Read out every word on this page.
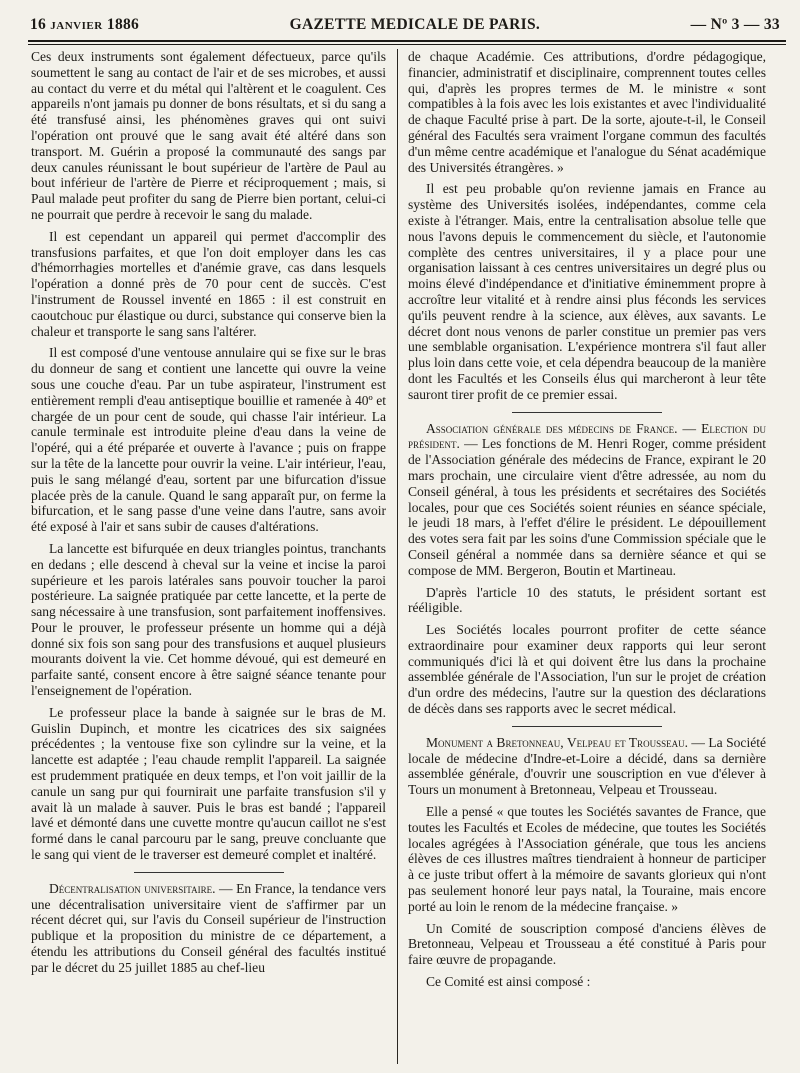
16 JANVIER 1886	GAZETTE MEDICALE DE PARIS.	— Nº 3 — 33

Ces deux instruments sont également défectueux, parce qu'ils soumettent le sang au contact de l'air et de ses microbes, et aussi au contact du verre et du métal qui l'altèrent et le coagulent. Ces appareils n'ont jamais pu donner de bons résultats, et si du sang a été transfusé ainsi, les phénomènes graves qui ont suivi l'opération ont prouvé que le sang avait été altéré dans son transport. M. Guérin a proposé la communauté des sangs par deux canules réunissant le bout supérieur de l'artère de Paul au bout inférieur de l'artère de Pierre et réciproquement ; mais, si Paul malade peut profiter du sang de Pierre bien portant, celui-ci ne pourrait que perdre à recevoir le sang du malade.

Il est cependant un appareil qui permet d'accomplir des transfusions parfaites, et que l'on doit employer dans les cas d'hémorrhagies mortelles et d'anémie grave, cas dans lesquels l'opération a donné près de 70 pour cent de succès. C'est l'instrument de Roussel inventé en 1865 : il est construit en caoutchouc pur élastique ou durci, substance qui conserve bien la chaleur et transporte le sang sans l'altérer.

Il est composé d'une ventouse annulaire qui se fixe sur le bras du donneur de sang et contient une lancette qui ouvre la veine sous une couche d'eau. Par un tube aspirateur, l'instrument est entièrement rempli d'eau antiseptique bouillie et ramenée à 40º et chargée de un pour cent de soude, qui chasse l'air intérieur. La canule terminale est introduite pleine d'eau dans la veine de l'opéré, qui a été préparée et ouverte à l'avance ; puis on frappe sur la tête de la lancette pour ouvrir la veine. L'air intérieur, l'eau, puis le sang mélangé d'eau, sortent par une bifurcation d'issue placée près de la canule. Quand le sang apparaît pur, on ferme la bifurcation, et le sang passe d'une veine dans l'autre, sans avoir été exposé à l'air et sans subir de causes d'altérations.

La lancette est bifurquée en deux triangles pointus, tranchants en dedans ; elle descend à cheval sur la veine et incise la paroi supérieure et les parois latérales sans pouvoir toucher la paroi postérieure. La saignée pratiquée par cette lancette, et la perte de sang nécessaire à une transfusion, sont parfaitement inoffensives. Pour le prouver, le professeur présente un homme qui a déjà donné six fois son sang pour des transfusions et auquel plusieurs mourants doivent la vie. Cet homme dévoué, qui est demeuré en parfaite santé, consent encore à être saigné séance tenante pour l'enseignement de l'opération.

Le professeur place la bande à saignée sur le bras de M. Guislin Dupinch, et montre les cicatrices des six saignées précédentes ; la ventouse fixe son cylindre sur la veine, et la lancette est adaptée ; l'eau chaude remplit l'appareil. La saignée est prudemment pratiquée en deux temps, et l'on voit jaillir de la canule un sang pur qui fournirait une parfaite transfusion s'il y avait là un malade à sauver. Puis le bras est bandé ; l'appareil lavé et démonté dans une cuvette montre qu'aucun caillot ne s'est formé dans le canal parcouru par le sang, preuve concluante que le sang qui vient de le traverser est demeuré complet et inaltéré.

Décentralisation universitaire. — En France, la tendance vers une décentralisation universitaire vient de s'affirmer par un récent décret qui, sur l'avis du Conseil supérieur de l'instruction publique et la proposition du ministre de ce département, a étendu les attributions du Conseil général des facultés institué par le décret du 25 juillet 1885 au chef-lieu

de chaque Académie. Ces attributions, d'ordre pédagogique, financier, administratif et disciplinaire, comprennent toutes celles qui, d'après les propres termes de M. le ministre « sont compatibles à la fois avec les lois existantes et avec l'individualité de chaque Faculté prise à part. De la sorte, ajoute-t-il, le Conseil général des Facultés sera vraiment l'organe commun des facultés d'un même centre académique et l'analogue du Sénat académique des Universités étrangères. »

Il est peu probable qu'on revienne jamais en France au système des Universités isolées, indépendantes, comme cela existe à l'étranger. Mais, entre la centralisation absolue telle que nous l'avons depuis le commencement du siècle, et l'autonomie complète des centres universitaires, il y a place pour une organisation laissant à ces centres universitaires un degré plus ou moins élevé d'indépendance et d'initiative éminemment propre à accroître leur vitalité et à rendre ainsi plus féconds les services qu'ils peuvent rendre à la science, aux élèves, aux savants. Le décret dont nous venons de parler constitue un premier pas vers une semblable organisation. L'expérience montrera s'il faut aller plus loin dans cette voie, et cela dépendra beaucoup de la manière dont les Facultés et les Conseils élus qui marcheront à leur tête sauront tirer profit de ce premier essai.

Association générale des médecins de France. — Election du président. — Les fonctions de M. Henri Roger, comme président de l'Association générale des médecins de France, expirant le 20 mars prochain, une circulaire vient d'être adressée, au nom du Conseil général, à tous les présidents et secrétaires des Sociétés locales, pour que ces Sociétés soient réunies en séance spéciale, le jeudi 18 mars, à l'effet d'élire le président. Le dépouillement des votes sera fait par les soins d'une Commission spéciale que le Conseil général a nommée dans sa dernière séance et qui se compose de MM. Bergeron, Boutin et Martineau.

D'après l'article 10 des statuts, le président sortant est rééligible.

Les Sociétés locales pourront profiter de cette séance extraordinaire pour examiner deux rapports qui leur seront communiqués d'ici là et qui doivent être lus dans la prochaine assemblée générale de l'Association, l'un sur le projet de création d'un ordre des médecins, l'autre sur la question des déclarations de décès dans ses rapports avec le secret médical.

Monument a Bretonneau, Velpeau et Trousseau. — La Société locale de médecine d'Indre-et-Loire a décidé, dans sa dernière assemblée générale, d'ouvrir une souscription en vue d'élever à Tours un monument à Bretonneau, Velpeau et Trousseau.

Elle a pensé « que toutes les Sociétés savantes de France, que toutes les Facultés et Ecoles de médecine, que toutes les Sociétés locales agrégées à l'Association générale, que tous les anciens élèves de ces illustres maîtres tiendraient à honneur de participer à ce juste tribut offert à la mémoire de savants glorieux qui n'ont pas seulement honoré leur pays natal, la Touraine, mais encore porté au loin le renom de la médecine française. »

Un Comité de souscription composé d'anciens élèves de Bretonneau, Velpeau et Trousseau a été constitué à Paris pour faire œuvre de propagande.

Ce Comité est ainsi composé :
